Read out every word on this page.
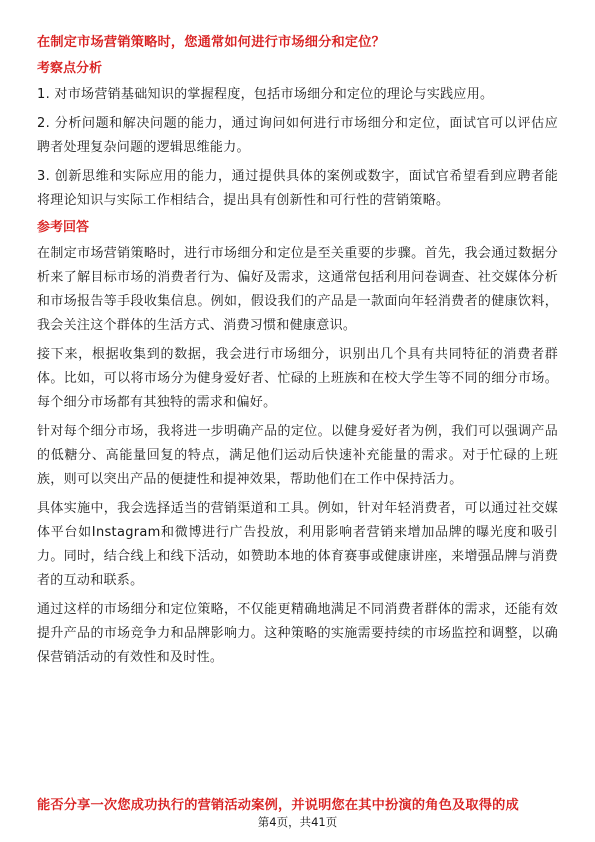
在制定市场营销策略时，您通常如何进行市场细分和定位？
考察点分析
1. 对市场营销基础知识的掌握程度，包括市场细分和定位的理论与实践应用。
2. 分析问题和解决问题的能力，通过询问如何进行市场细分和定位，面试官可以评估应聘者处理复杂问题的逻辑思维能力。
3. 创新思维和实际应用的能力，通过提供具体的案例或数字，面试官希望看到应聘者能将理论知识与实际工作相结合，提出具有创新性和可行性的营销策略。
参考回答
在制定市场营销策略时，进行市场细分和定位是至关重要的步骤。首先，我会通过数据分析来了解目标市场的消费者行为、偏好及需求，这通常包括利用问卷调查、社交媒体分析和市场报告等手段收集信息。例如，假设我们的产品是一款面向年轻消费者的健康饮料，我会关注这个群体的生活方式、消费习惯和健康意识。
接下来，根据收集到的数据，我会进行市场细分，识别出几个具有共同特征的消费者群体。比如，可以将市场分为健身爱好者、忙碌的上班族和在校大学生等不同的细分市场。每个细分市场都有其独特的需求和偏好。
针对每个细分市场，我将进一步明确产品的定位。以健身爱好者为例，我们可以强调产品的低糖分、高能量回复的特点，满足他们运动后快速补充能量的需求。对于忙碌的上班族，则可以突出产品的便捷性和提神效果，帮助他们在工作中保持活力。
具体实施中，我会选择适当的营销渠道和工具。例如，针对年轻消费者，可以通过社交媒体平台如Instagram和微博进行广告投放，利用影响者营销来增加品牌的曝光度和吸引力。同时，结合线上和线下活动，如赞助本地的体育赛事或健康讲座，来增强品牌与消费者的互动和联系。
通过这样的市场细分和定位策略，不仅能更精确地满足不同消费者群体的需求，还能有效提升产品的市场竞争力和品牌影响力。这种策略的实施需要持续的市场监控和调整，以确保营销活动的有效性和及时性。
能否分享一次您成功执行的营销活动案例，并说明您在其中扮演的角色及取得的成
第4页，共41页
